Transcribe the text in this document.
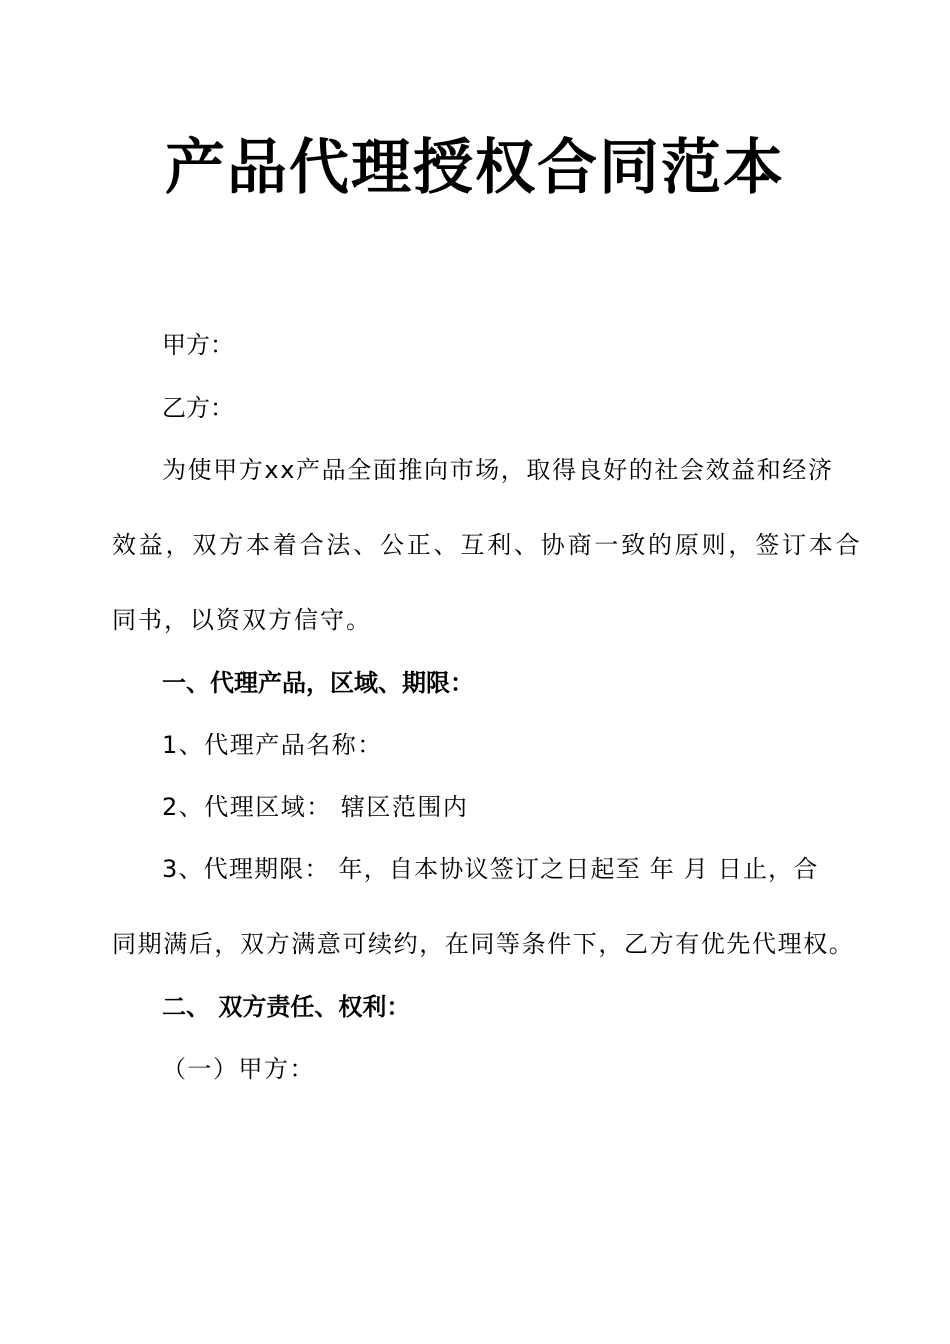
产品代理授权合同范本
甲方：
乙方：
为使甲方xx产品全面推向市场，取得良好的社会效益和经济
效益，双方本着合法、公正、互利、协商一致的原则，签订本合
同书，以资双方信守。
一、代理产品，区域、期限：
1、代理产品名称：
2、代理区域： 辖区范围内
3、代理期限： 年，自本协议签订之日起至 年 月 日止，合
同期满后，双方满意可续约，在同等条件下，乙方有优先代理权。
二、 双方责任、权利：
（一）甲方：
